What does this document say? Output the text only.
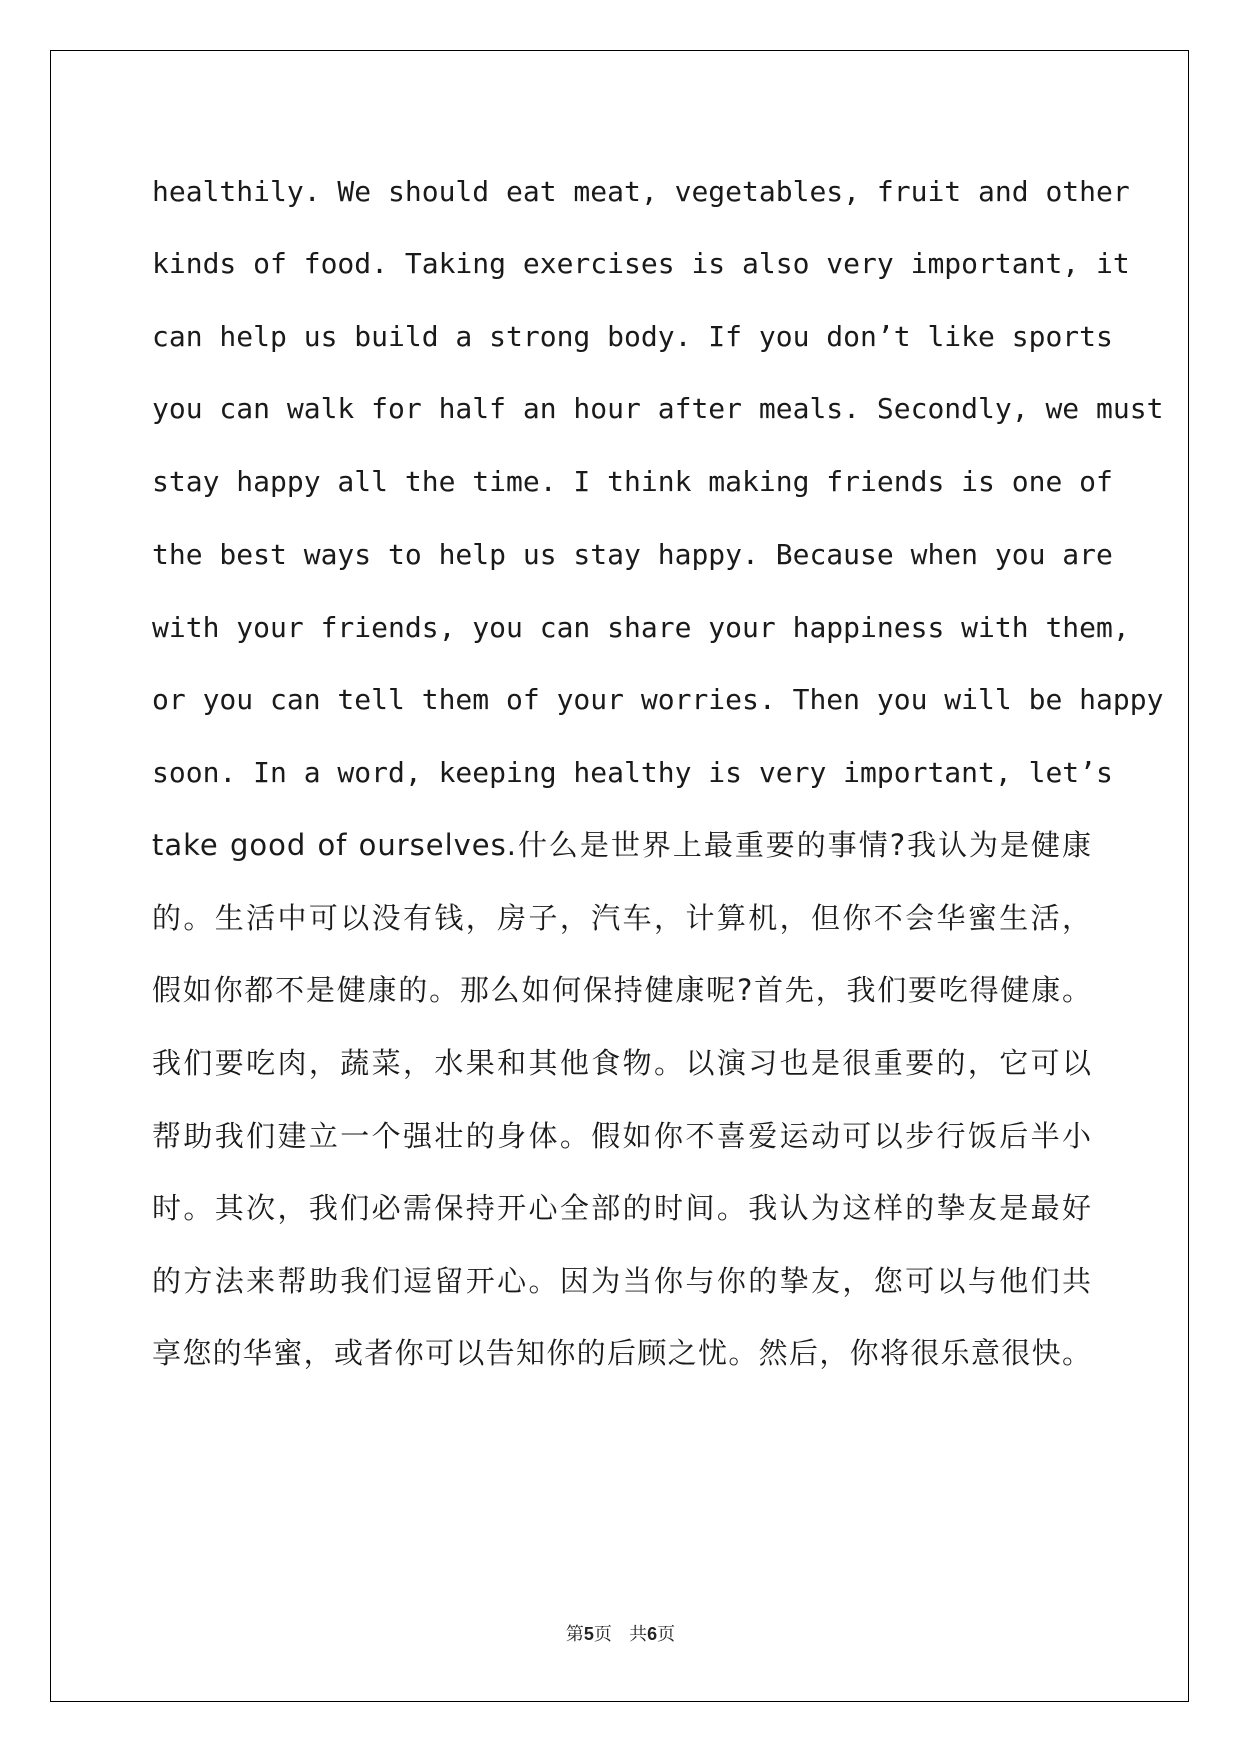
healthily. We should eat meat, vegetables, fruit and other
kinds of food. Taking exercises is also very important, it
can help us build a strong body. If you don’t like sports
you can walk for half an hour after meals. Secondly, we must
stay happy all the time. I think making friends is one of
the best ways to help us stay happy. Because when you are
with your friends, you can share your happiness with them,
or you can tell them of your worries. Then you will be happy
soon. In a word, keeping healthy is very important, let’s
take good of ourselves.什么是世界上最重要的事情?我认为是健康
的。生活中可以没有钱，房子，汽车，计算机，但你不会华蜜生活，
假如你都不是健康的。那么如何保持健康呢?首先，我们要吃得健康。
我们要吃肉，蔬菜，水果和其他食物。以演习也是很重要的，它可以
帮助我们建立一个强壮的身体。假如你不喜爱运动可以步行饭后半小
时。其次，我们必需保持开心全部的时间。我认为这样的挚友是最好
的方法来帮助我们逗留开心。因为当你与你的挚友，您可以与他们共
享您的华蜜，或者你可以告知你的后顾之忧。然后，你将很乐意很快。
第5页   共6页
